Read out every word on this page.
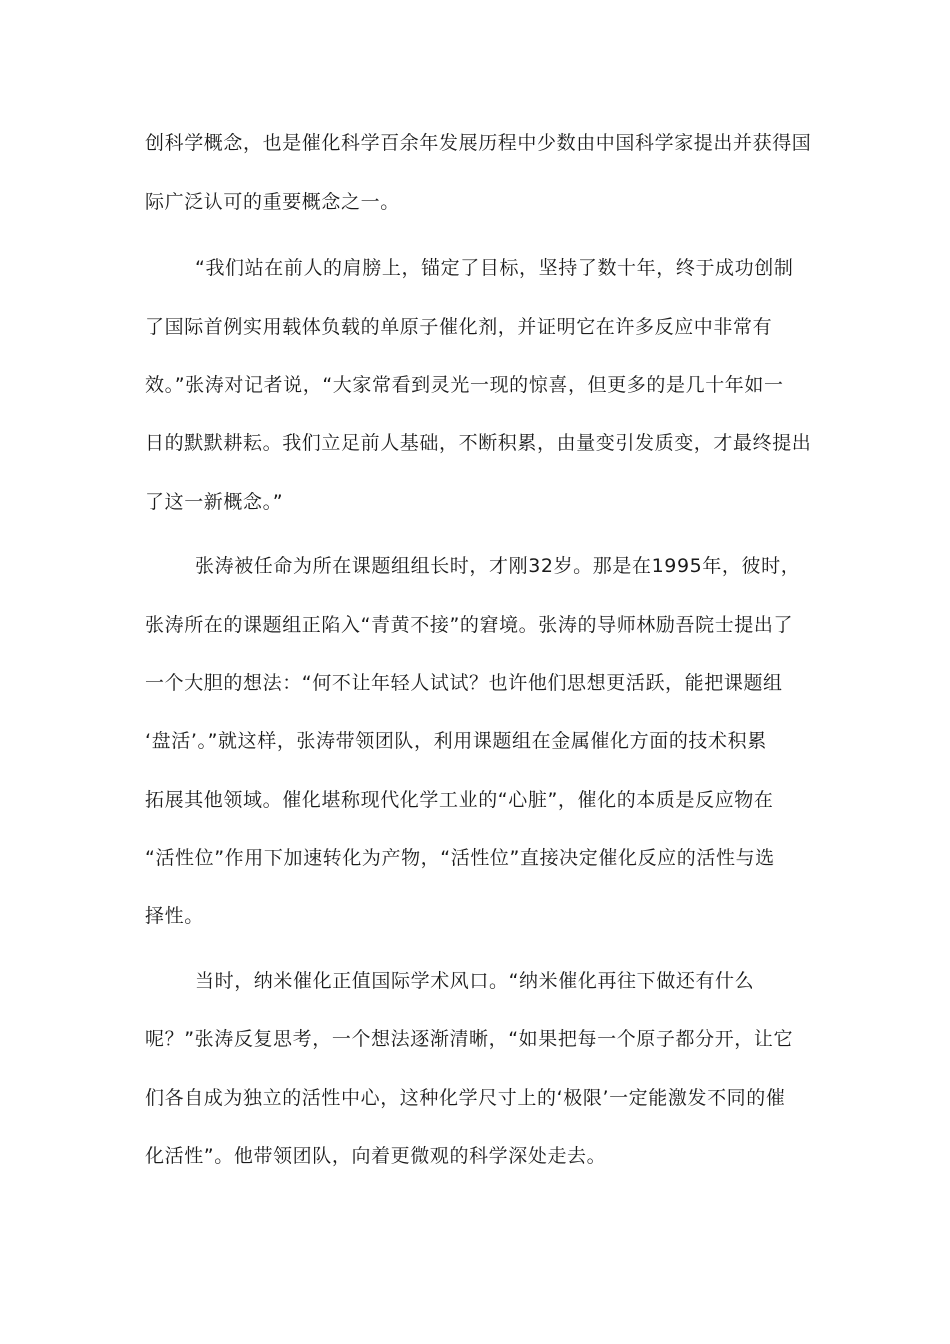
创科学概念，也是催化科学百余年发展历程中少数由中国科学家提出并获得国
际广泛认可的重要概念之一。
“我们站在前人的肩膀上，锚定了目标，坚持了数十年，终于成功创制
了国际首例实用载体负载的单原子催化剂，并证明它在许多反应中非常有
效。”张涛对记者说，“大家常看到灵光一现的惊喜，但更多的是几十年如一
日的默默耕耘。我们立足前人基础，不断积累，由量变引发质变，才最终提出
了这一新概念。”
张涛被任命为所在课题组组长时，才刚32岁。那是在1995年，彼时，
张涛所在的课题组正陷入“青黄不接”的窘境。张涛的导师林励吾院士提出了
一个大胆的想法：“何不让年轻人试试？也许他们思想更活跃，能把课题组
‘盘活’。”就这样，张涛带领团队，利用课题组在金属催化方面的技术积累
拓展其他领域。催化堪称现代化学工业的“心脏”，催化的本质是反应物在
“活性位”作用下加速转化为产物，“活性位”直接决定催化反应的活性与选
择性。
当时，纳米催化正值国际学术风口。“纳米催化再往下做还有什么
呢？”张涛反复思考，一个想法逐渐清晰，“如果把每一个原子都分开，让它
们各自成为独立的活性中心，这种化学尺寸上的‘极限’一定能激发不同的催
化活性”。他带领团队，向着更微观的科学深处走去。
